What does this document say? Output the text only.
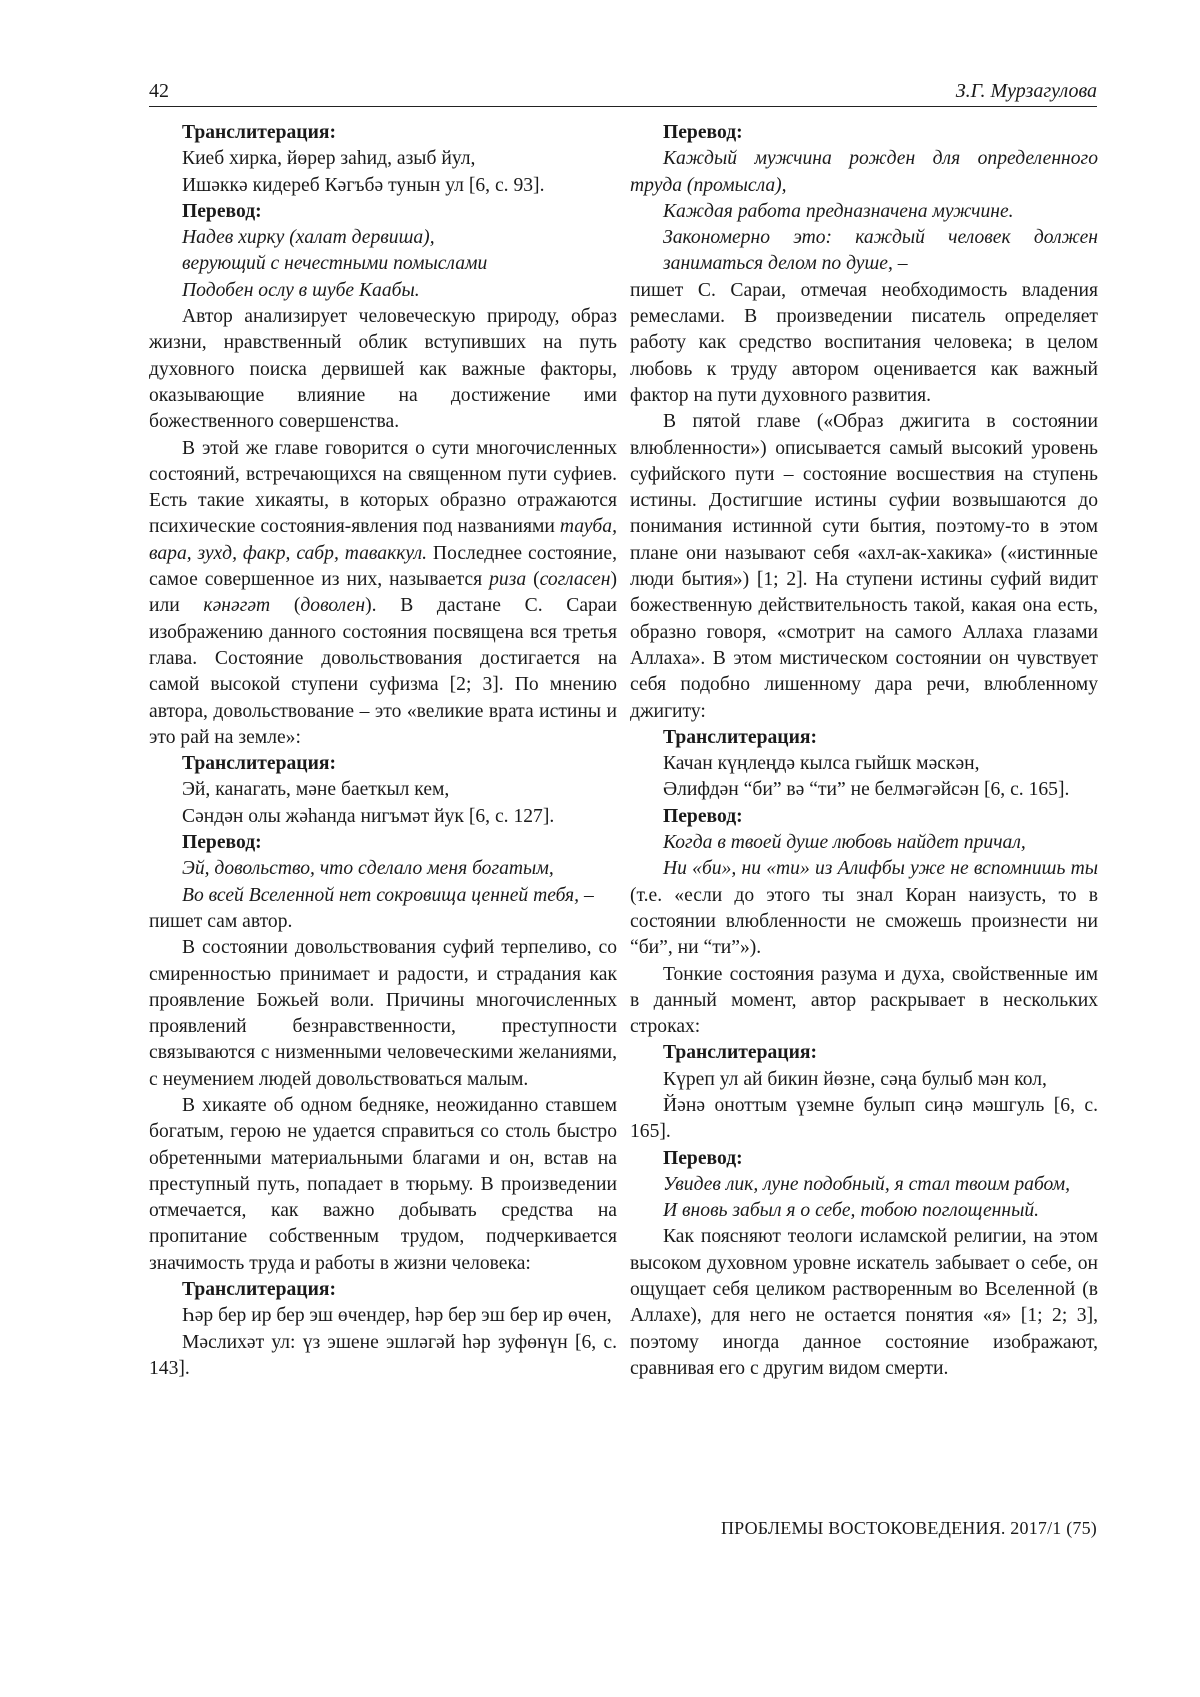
42	З.Г. Мурзагулова

Транслитерация:

Киеб хирка, йөрер заһид, азыб йул,

Ишәккә кидереб Кәгъбә тунын ул [6, с. 93].

Перевод:

Надев хирку (халат дервиша),

верующий с нечестными помыслами

Подобен ослу в шубе Каабы.

Автор анализирует человеческую природу, образ жизни, нравственный облик вступивших на путь духовного поиска дервишей как важные факторы, оказывающие влияние на достижение ими божественного совершенства.

В этой же главе говорится о сути многочисленных состояний, встречающихся на священном пути суфиев. Есть такие хикаяты, в которых образно отражаются психические состояния-явления под названиями тауба, вара, зухд, факр, сабр, таваккул. Последнее состояние, самое совершенное из них, называется риза (согласен) или кәнәгәт (доволен). В дастане С. Сараи изображению данного состояния посвящена вся третья глава. Состояние довольствования достигается на самой высокой ступени суфизма [2; 3]. По мнению автора, довольствование – это «великие врата истины и это рай на земле»:

Транслитерация:

Эй, канагать, мәне баеткыл кем,

Сәндән олы жәһанда нигъмәт йук [6, с. 127].

Перевод:

Эй, довольство, что сделало меня богатым,

Во всей Вселенной нет сокровища ценней тебя, –

пишет сам автор.

В состоянии довольствования суфий терпеливо, со смиренностью принимает и радости, и страдания как проявление Божьей воли. Причины многочисленных проявлений безнравственности, преступности связываются с низменными человеческими желаниями, с неумением людей довольствоваться малым.

В хикаяте об одном бедняке, неожиданно ставшем богатым, герою не удается справиться со столь быстро обретенными материальными благами и он, встав на преступный путь, попадает в тюрьму. В произведении отмечается, как важно добывать средства на пропитание собственным трудом, подчеркивается значимость труда и работы в жизни человека:

Транслитерация:

Һәр бер ир бер эш өчендер, һәр бер эш бер ир өчен,

Мәслихәт ул: үз эшене эшләгәй һәр зуфөнүн [6, с. 143].

Перевод:

Каждый мужчина рожден для определенного труда (промысла),

Каждая работа предназначена мужчине.

Закономерно это: каждый человек должен заниматься делом по душе, –

пишет С. Сараи, отмечая необходимость владения ремеслами. В произведении писатель определяет работу как средство воспитания человека; в целом любовь к труду автором оценивается как важный фактор на пути духовного развития.

В пятой главе («Образ джигита в состоянии влюбленности») описывается самый высокий уровень суфийского пути – состояние восшествия на ступень истины. Достигшие истины суфии возвышаются до понимания истинной сути бытия, поэтому-то в этом плане они называют себя «ахл-ак-хакика» («истинные люди бытия») [1; 2]. На ступени истины суфий видит божественную действительность такой, какая она есть, образно говоря, «смотрит на самого Аллаха глазами Аллаха». В этом мистическом состоянии он чувствует себя подобно лишенному дара речи, влюбленному джигиту:

Транслитерация:

Качан күңлеңдә кылса гыйшк мәскән,

Әлифдән “би” вә “ти” не белмәгәйсән [6, с. 165].

Перевод:

Когда в твоей душе любовь найдет причал,

Ни «би», ни «ти» из Алифбы уже не вспомнишь ты (т.е. «если до этого ты знал Коран наизусть, то в состоянии влюбленности не сможешь произнести ни “би”, ни “ти”»).

Тонкие состояния разума и духа, свойственные им в данный момент, автор раскрывает в нескольких строках:

Транслитерация:

Күреп ул ай бикин йөзне, сәңа булыб мән кол,

Йәнә оноттым үземне булып сиңә мәшгуль [6, с. 165].

Перевод:

Увидев лик, луне подобный, я стал твоим рабом,

И вновь забыл я о себе, тобою поглощенный.

Как поясняют теологи исламской религии, на этом высоком духовном уровне искатель забывает о себе, он ощущает себя целиком растворенным во Вселенной (в Аллахе), для него не остается понятия «я» [1; 2; 3], поэтому иногда данное состояние изображают, сравнивая его с другим видом смерти.

ПРОБЛЕМЫ ВОСТОКОВЕДЕНИЯ. 2017/1 (75)
